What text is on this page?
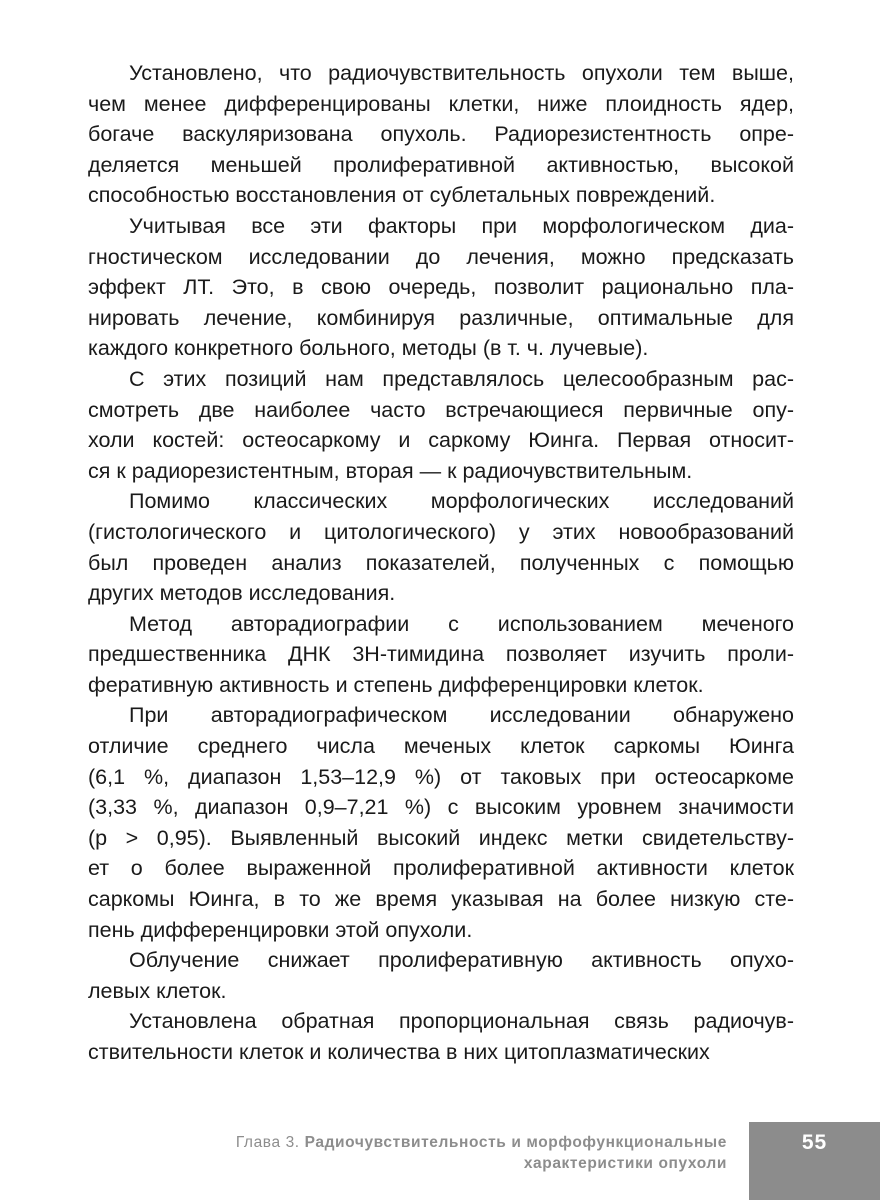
Установлено, что радиочувствительность опухоли тем выше,
чем менее дифференцированы клетки, ниже плоидность ядер,
богаче васкуляризована опухоль. Радиорезистентность опре-
деляется меньшей пролиферативной активностью, высокой
способностью восстановления от сублетальных повреждений.

Учитывая все эти факторы при морфологическом диа-
гностическом исследовании до лечения, можно предсказать
эффект ЛТ. Это, в свою очередь, позволит рационально пла-
нировать лечение, комбинируя различные, оптимальные для
каждого конкретного больного, методы (в т. ч. лучевые).

С этих позиций нам представлялось целесообразным рас-
смотреть две наиболее часто встречающиеся первичные опу-
холи костей: остеосаркому и саркому Юинга. Первая относит-
ся к радиорезистентным, вторая — к радиочувствительным.

Помимо классических морфологических исследований
(гистологического и цитологического) у этих новообразований
был проведен анализ показателей, полученных с помощью
других методов исследования.

Метод авторадиографии с использованием меченого
предшественника ДНК 3Н-тимидина позволяет изучить проли-
феративную активность и степень дифференцировки клеток.

При авторадиографическом исследовании обнаружено
отличие среднего числа меченых клеток саркомы Юинга
(6,1 %, диапазон 1,53–12,9 %) от таковых при остеосаркоме
(3,33 %, диапазон 0,9–7,21 %) с высоким уровнем значимости
(p > 0,95). Выявленный высокий индекс метки свидетельству-
ет о более выраженной пролиферативной активности клеток
саркомы Юинга, в то же время указывая на более низкую сте-
пень дифференцировки этой опухоли.

Облучение снижает пролиферативную активность опухо-
левых клеток.

Установлена обратная пропорциональная связь радиочув-
ствительности клеток и количества в них цитоплазматических

Глава 3. Радиочувствительность и морфофункциональные
характеристики опухоли
55
